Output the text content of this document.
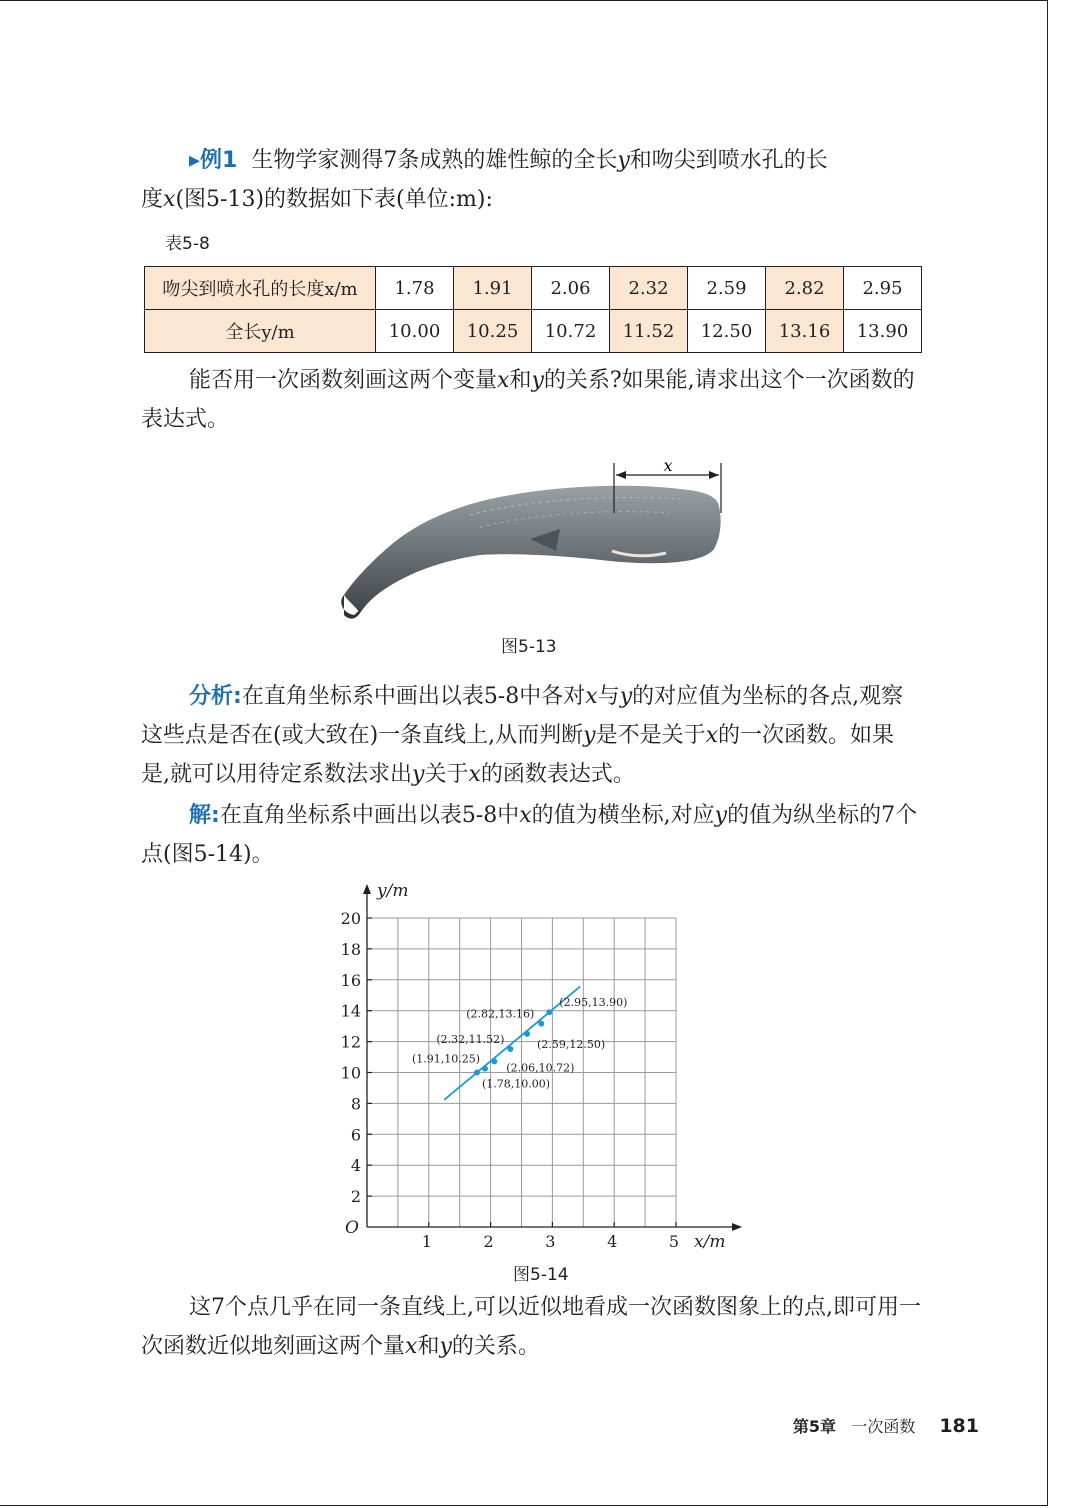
▸例1 生物学家测得7条成熟的雄性鲸的全长y和吻尖到喷水孔的长

度x(图5-13)的数据如下表(单位:m):

表5-8
吻尖到喷水孔的长度x/m	1.78	1.91	2.06	2.32	2.59	2.82	2.95
全长y/m	10.00	10.25	10.72	11.52	12.50	13.16	13.90

能否用一次函数刻画这两个变量x和y的关系?如果能,请求出这个一次函数的表达式。

x
图5-13

分析:在直角坐标系中画出以表5-8中各对x与y的对应值为坐标的各点,观察这些点是否在(或大致在)一条直线上,从而判断y是不是关于x的一次函数。如果是,就可以用待定系数法求出y关于x的函数表达式。

解:在直角坐标系中画出以表5-8中x的值为横坐标,对应y的值为纵坐标的7个点(图5-14)。

1	2	3	4	5
2
4
6
8
10
12
14
16
18
20
O
x/m
y/m
(1.78,10.00)
(1.91,10.25)
(2.06,10.72)
(2.32,11.52)	(2.59,12.50)
(2.82,13.16)
(2.95,13.90)
图5-14

这7个点几乎在同一条直线上,可以近似地看成一次函数图象上的点,即可用一次函数近似地刻画这两个量x和y的关系。

第5章 一次函数 181
